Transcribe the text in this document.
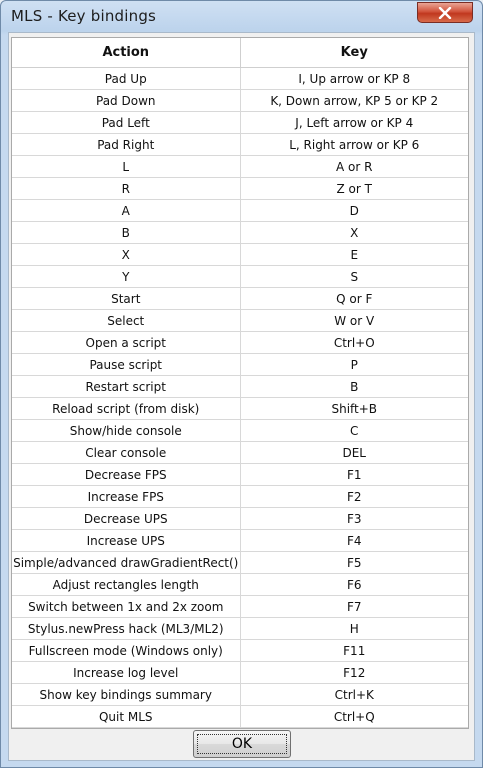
MLS - Key bindings
Action	Key
Pad Up	I, Up arrow or KP 8
Pad Down	K, Down arrow, KP 5 or KP 2
Pad Left	J, Left arrow or KP 4
Pad Right	L, Right arrow or KP 6
L	A or R
R	Z or T
A	D
B	X
X	E
Y	S
Start	Q or F
Select	W or V
Open a script	Ctrl+O
Pause script	P
Restart script	B
Reload script (from disk)	Shift+B
Show/hide console	C
Clear console	DEL
Decrease FPS	F1
Increase FPS	F2
Decrease UPS	F3
Increase UPS	F4
Simple/advanced drawGradientRect()	F5
Adjust rectangles length	F6
Switch between 1x and 2x zoom	F7
Stylus.newPress hack (ML3/ML2)	H
Fullscreen mode (Windows only)	F11
Increase log level	F12
Show key bindings summary	Ctrl+K
Quit MLS	Ctrl+Q
OK
